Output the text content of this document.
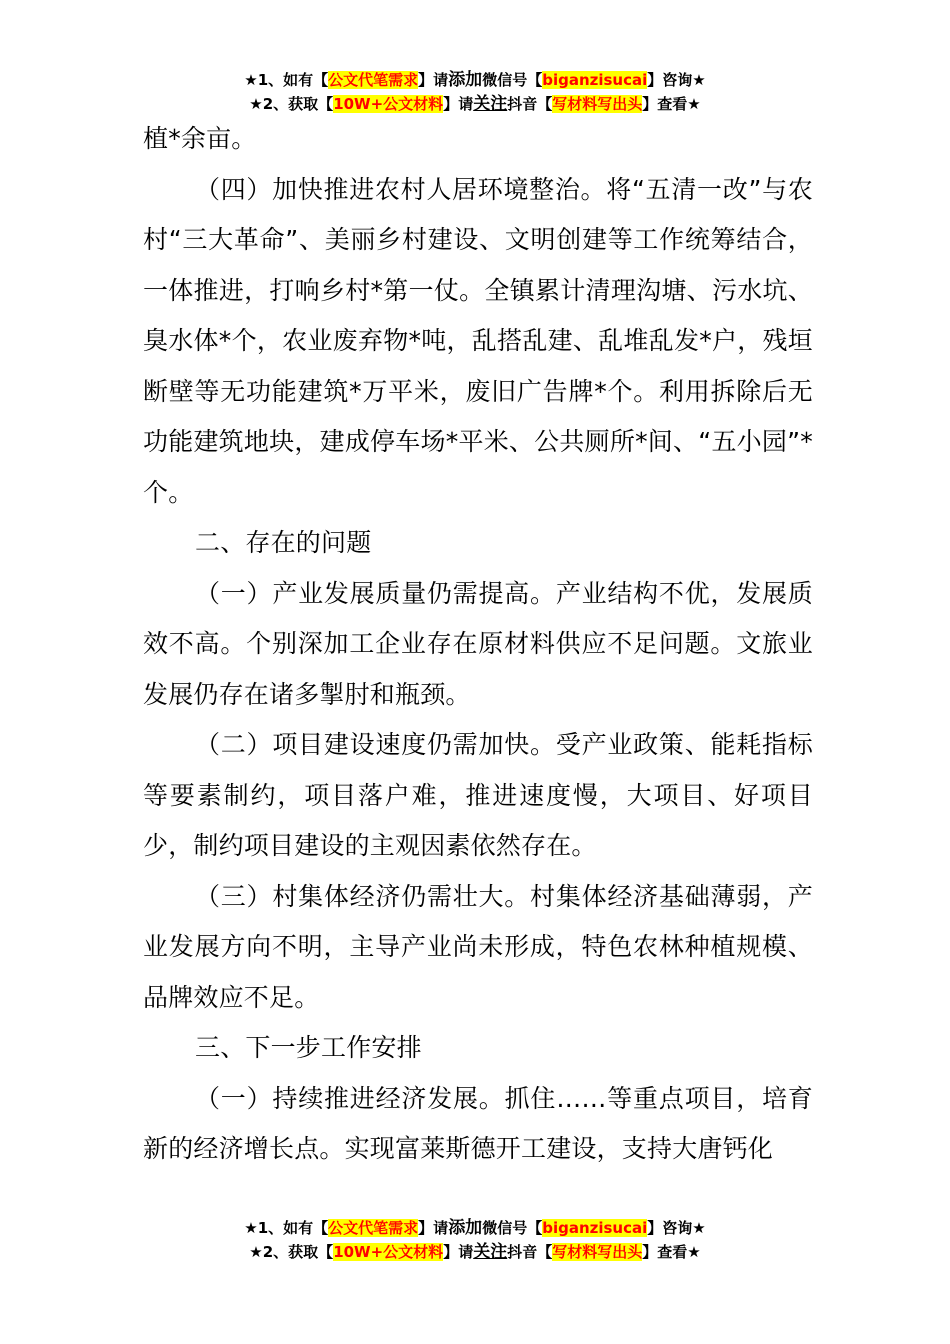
★1、如有【公文代笔需求】请添加微信号【biganzisucai】咨询★
★2、获取【10W+公文材料】请关注抖音【写材料写出头】查看★

植*余亩。

（四）加快推进农村人居环境整治。将“五清一改”与农村“三大革命”、美丽乡村建设、文明创建等工作统筹结合，一体推进，打响乡村*第一仗。全镇累计清理沟塘、污水坑、臭水体*个，农业废弃物*吨，乱搭乱建、乱堆乱发*户，残垣断壁等无功能建筑*万平米，废旧广告牌*个。利用拆除后无功能建筑地块，建成停车场*平米、公共厕所*间、“五小园”*个。

二、存在的问题

（一）产业发展质量仍需提高。产业结构不优，发展质效不高。个别深加工企业存在原材料供应不足问题。文旅业发展仍存在诸多掣肘和瓶颈。

（二）项目建设速度仍需加快。受产业政策、能耗指标等要素制约，项目落户难，推进速度慢，大项目、好项目少，制约项目建设的主观因素依然存在。

（三）村集体经济仍需壮大。村集体经济基础薄弱，产业发展方向不明，主导产业尚未形成，特色农林种植规模、品牌效应不足。

三、下一步工作安排

（一）持续推进经济发展。抓住……等重点项目，培育新的经济增长点。实现富莱斯德开工建设，支持大唐钙化

★1、如有【公文代笔需求】请添加微信号【biganzisucai】咨询★
★2、获取【10W+公文材料】请关注抖音【写材料写出头】查看★
